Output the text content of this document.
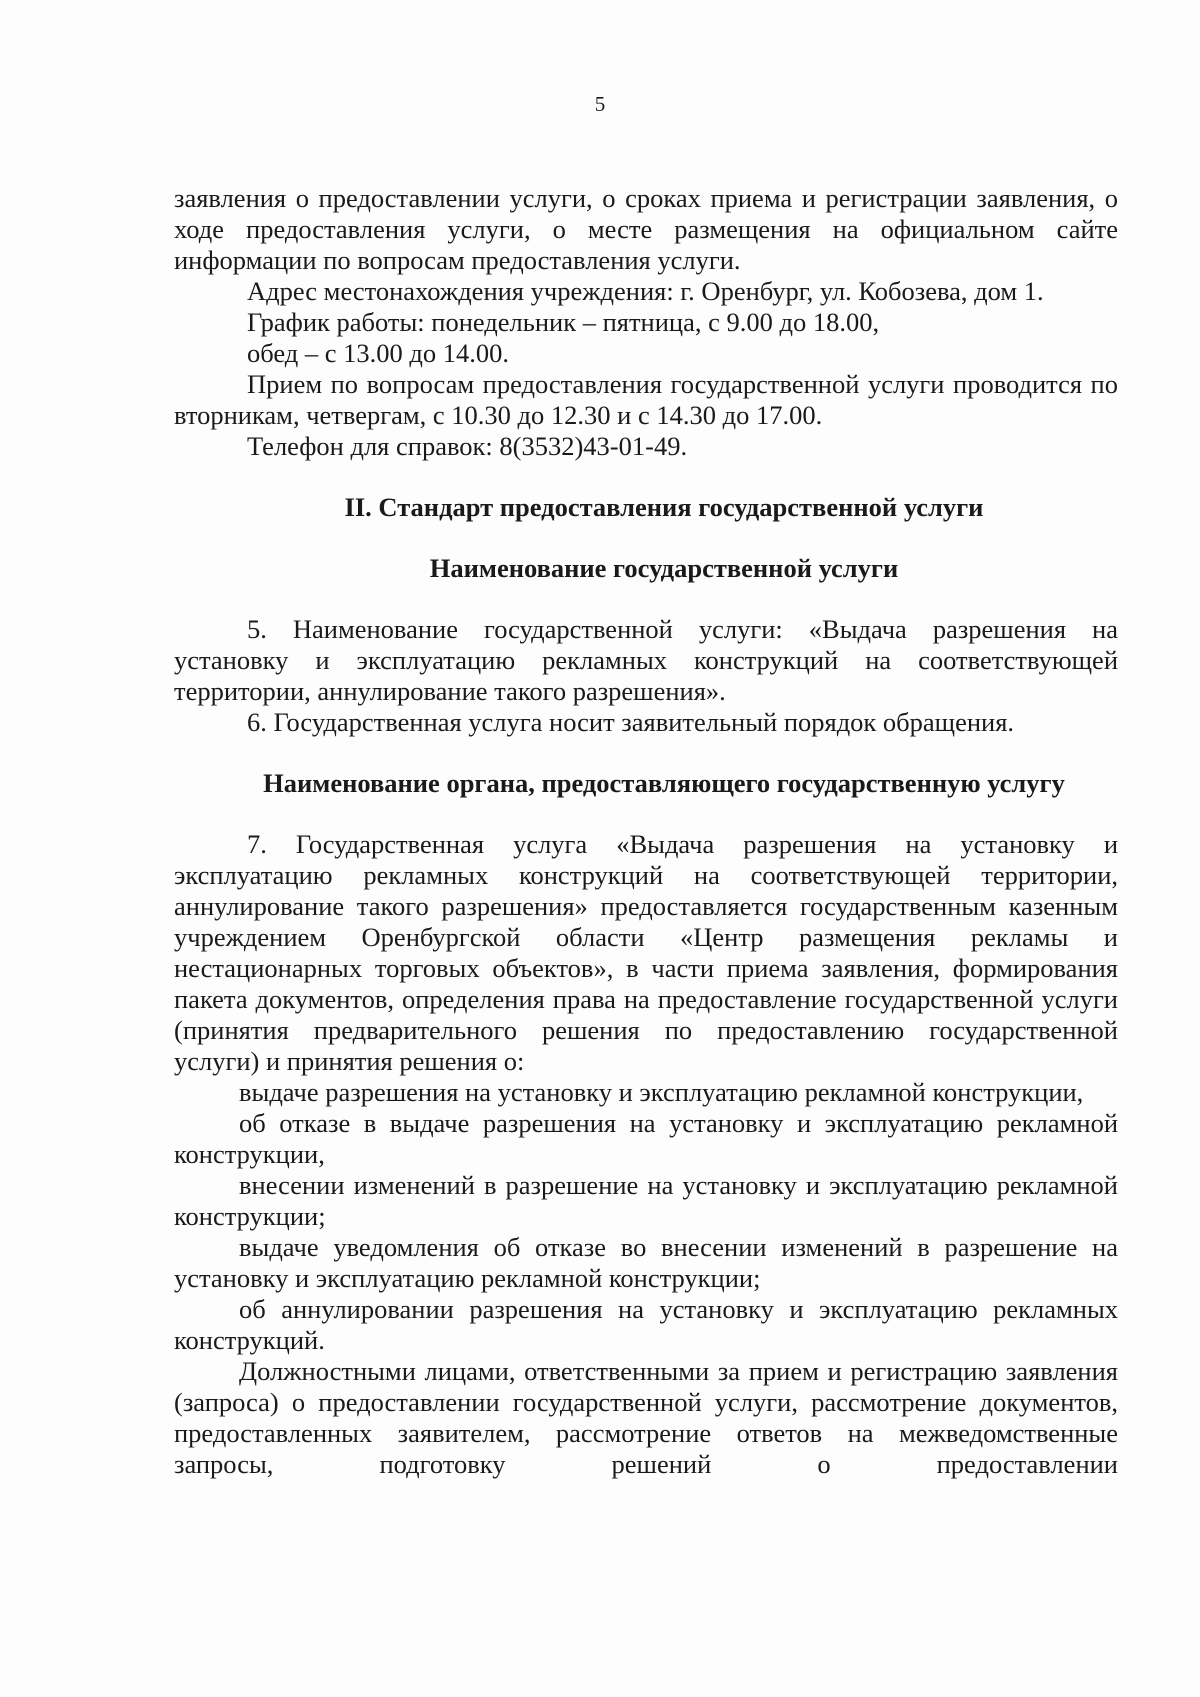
5

заявления о предоставлении услуги, о сроках приема и регистрации заявления, о ходе предоставления услуги, о месте размещения на официальном сайте информации по вопросам предоставления услуги.

Адрес местонахождения учреждения: г. Оренбург, ул. Кобозева, дом 1.

График работы: понедельник – пятница, с 9.00 до 18.00,

обед – с 13.00 до 14.00.

Прием по вопросам предоставления государственной услуги проводится по вторникам, четвергам, с 10.30 до 12.30 и с 14.30 до 17.00.

Телефон для справок: 8(3532)43-01-49.

II. Стандарт предоставления государственной услуги
Наименование государственной услуги

5. Наименование государственной услуги: «Выдача разрешения на установку и эксплуатацию рекламных конструкций на соответствующей территории, аннулирование такого разрешения».

6. Государственная услуга носит заявительный порядок обращения.

Наименование органа, предоставляющего государственную услугу

7. Государственная услуга «Выдача разрешения на установку и эксплуатацию рекламных конструкций на соответствующей территории, аннулирование такого разрешения» предоставляется государственным казенным учреждением Оренбургской области «Центр размещения рекламы и нестационарных торговых объектов», в части приема заявления, формирования пакета документов, определения права на предоставление государственной услуги (принятия предварительного решения по предоставлению государственной услуги) и принятия решения о:

выдаче разрешения на установку и эксплуатацию рекламной конструкции,

об отказе в выдаче разрешения на установку и эксплуатацию рекламной конструкции,

внесении изменений в разрешение на установку и эксплуатацию рекламной конструкции;

выдаче уведомления об отказе во внесении изменений в разрешение на установку и эксплуатацию рекламной конструкции;

об аннулировании разрешения на установку и эксплуатацию рекламных конструкций.

Должностными лицами, ответственными за прием и регистрацию заявления (запроса) о предоставлении государственной услуги, рассмотрение документов, предоставленных заявителем, рассмотрение ответов на межведомственные запросы, подготовку решений о предоставлении
